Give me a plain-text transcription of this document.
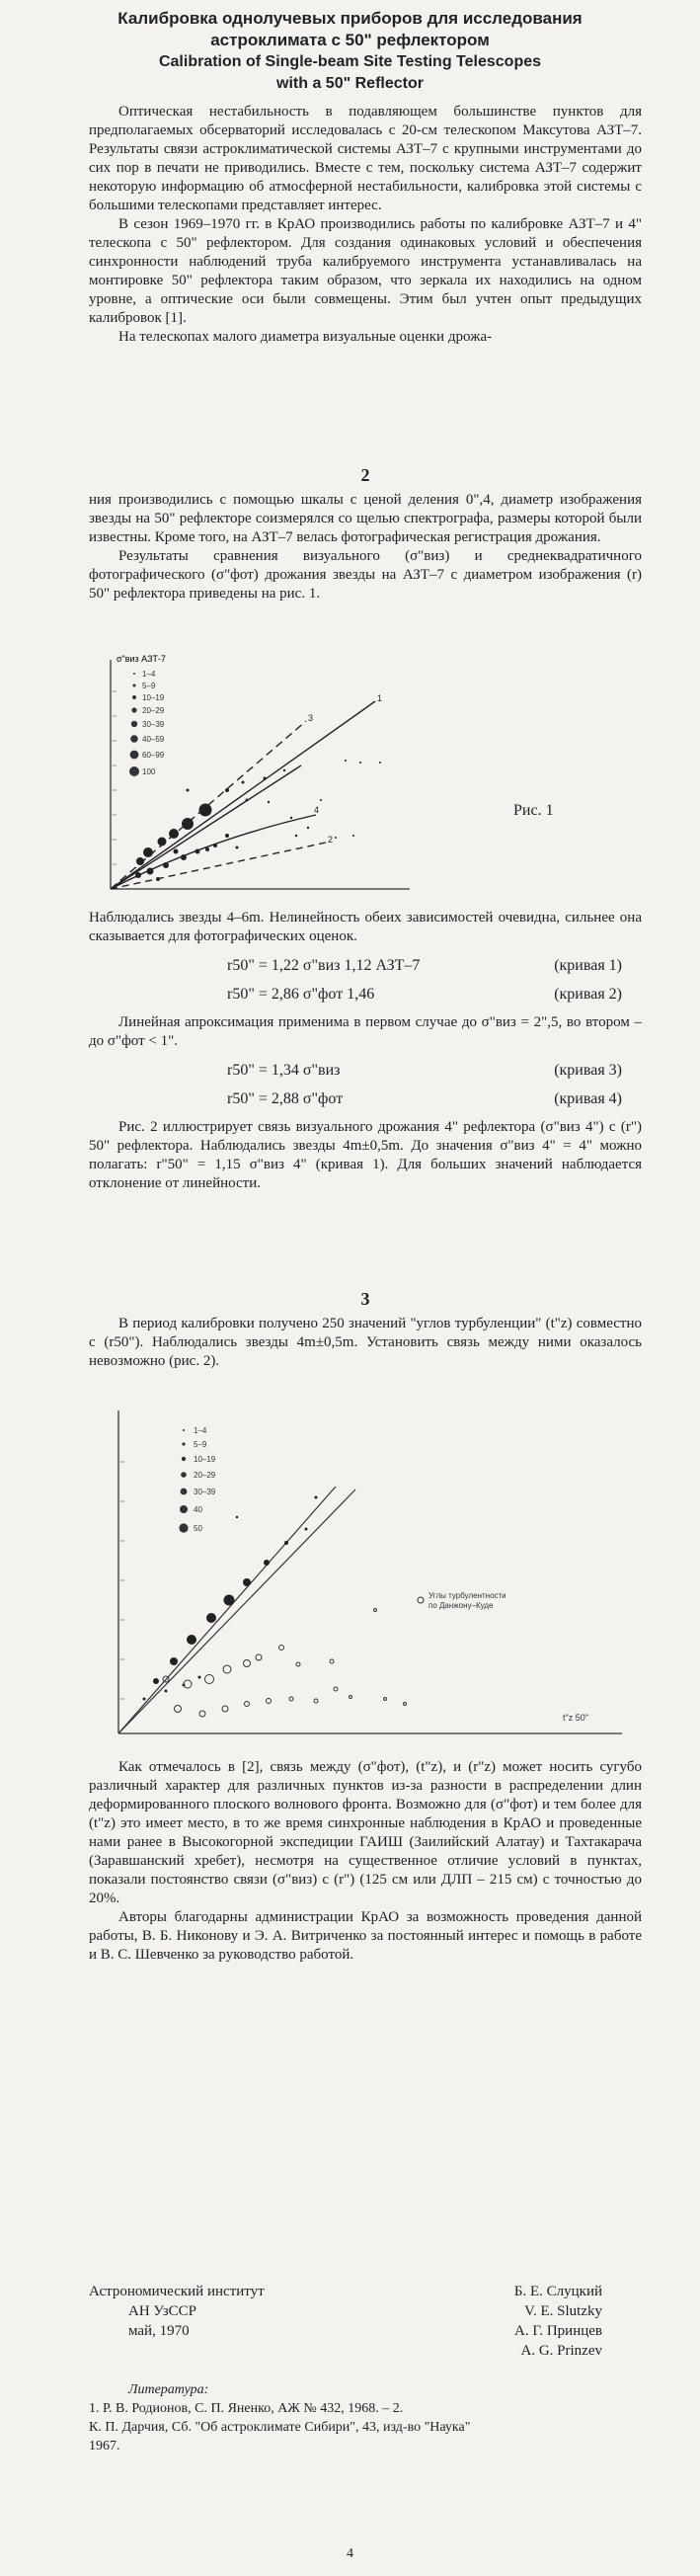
Калибровка однолучевых приборов для исследования
астроклимата с 50" рефлектором
Calibration of Single-beam Site Testing Telescopes
with a 50" Reflector

Оптическая нестабильность в подавляющем большинстве пунктов для предполагаемых обсерваторий исследовалась с 20-см телескопом Максутова АЗТ–7. Результаты связи астроклиматической системы АЗТ–7 с крупными инструментами до сих пор в печати не приводились. Вместе с тем, поскольку система АЗТ–7 содержит некоторую информацию об атмосферной нестабильности, калибровка этой системы с большими телескопами представляет интерес.

В сезон 1969–1970 гг. в КрАО производились работы по калибровке АЗТ–7 и 4" телескопа с 50" рефлектором. Для создания одинаковых условий и обеспечения синхронности наблюдений труба калибруемого инструмента устанавливалась на монтировке 50" рефлектора таким образом, что зеркала их находились на одном уровне, а оптические оси были совмещены. Этим был учтен опыт предыдущих калибровок [1].

На телескопах малого диаметра визуальные оценки дрожа-

2

ния производились с помощью шкалы с ценой деления 0",4, диаметр изображения звезды на 50" рефлекторе соизмерялся со щелью спектрографа, размеры которой были известны. Кроме того, на АЗТ–7 велась фотографическая регистрация дрожания.

Результаты сравнения визуального (σ"виз) и среднеквадратичного фотографического (σ"фот) дрожания звезды на АЗТ–7 с диаметром изображения (r) 50" рефлектора приведены на рис. 1.

σ"виз АЗТ-7
1–4
5–9
10–19
20–29
30–39
40–59
60–99
100
3
1
4
2
Рис. 1

Наблюдались звезды 4–6m. Нелинейность обеих зависимостей очевидна, сильнее она сказывается для фотографических оценок.

r50" = 1,22 σ"виз 1,12 АЗТ–7	(кривая 1)
r50" = 2,86 σ"фот 1,46	(кривая 2)

Линейная апроксимация применима в первом случае до σ"виз = 2",5, во втором – до σ"фот < 1".

r50" = 1,34 σ"виз	(кривая 3)
r50" = 2,88 σ"фот	(кривая 4)

Рис. 2 иллюстрирует связь визуального дрожания 4" рефлектора (σ"виз 4") с (r") 50" рефлектора. Наблюдались звезды 4m±0,5m. До значения σ"виз 4" = 4" можно полагать: r"50" = 1,15 σ"виз 4" (кривая 1). Для больших значений наблюдается отклонение от линейности.

3

В период калибровки получено 250 значений "углов турбуленции" (t"z) совместно с (r50"). Наблюдались звезды 4m±0,5m. Установить связь между ними оказалось невозможно (рис. 2).

1–4
5–9
10–19
20–29
30–39
40
50
Углы турбулентности
по Данжону–Куде
t"z 50"

Как отмечалось в [2], связь между (σ"фот), (t"z), и (r"z) может носить сугубо различный характер для различных пунктов из-за разности в распределении длин деформированного плоского волнового фронта. Возможно для (σ"фот) и тем более для (t"z) это имеет место, в то же время синхронные наблюдения в КрАО и проведенные нами ранее в Высокогорной экспедиции ГАИШ (Заилийский Алатау) и Тахтакарача (Заравшанский хребет), несмотря на существенное отличие условий в пунктах, показали постоянство связи (σ"виз) с (r") (125 см или ДЛП – 215 см) с точностью до 20%.

Авторы благодарны администрации КрАО за возможность проведения данной работы, В. Б. Никонову и Э. А. Витриченко за постоянный интерес и помощь в работе и В. С. Шевченко за руководство работой.

Астрономический институт	Б. Е. Слуцкий
АН УзССР	V. E. Slutzky
май, 1970	А. Г. Принцев
A. G. Prinzev
Литература:
1. Р. В. Родионов, С. П. Яненко, АЖ № 432, 1968. – 2.
К. П. Дарчия, Сб. "Об астроклимате Сибири", 43, изд-во "Наука"
1967.
4
